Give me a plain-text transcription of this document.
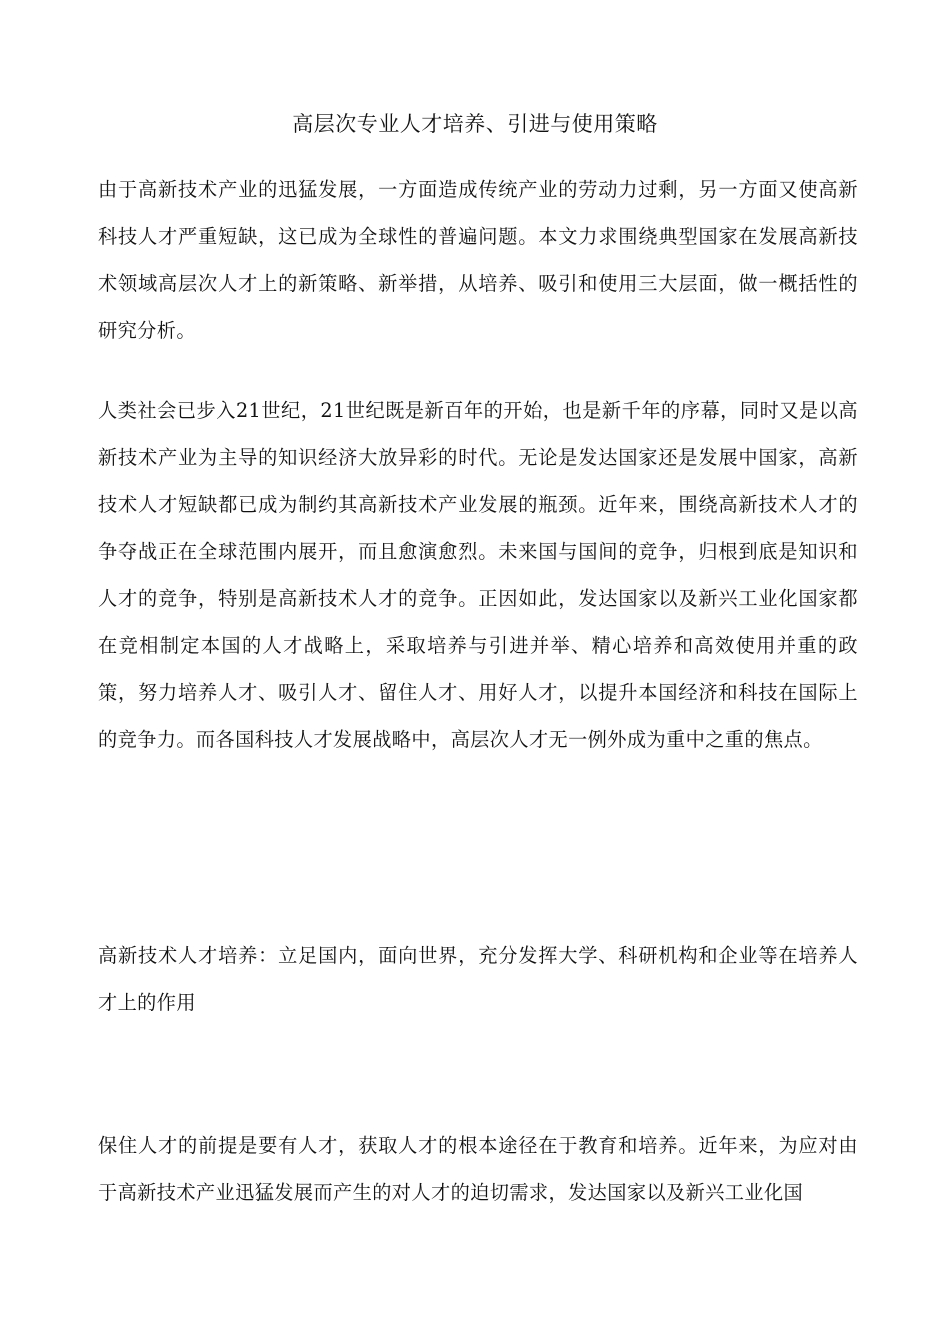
高层次专业人才培养、引进与使用策略

由于高新技术产业的迅猛发展，一方面造成传统产业的劳动力过剩，另一方面又使高新科技人才严重短缺，这已成为全球性的普遍问题。本文力求围绕典型国家在发展高新技术领域高层次人才上的新策略、新举措，从培养、吸引和使用三大层面，做一概括性的研究分析。

人类社会已步入21世纪，21世纪既是新百年的开始，也是新千年的序幕，同时又是以高新技术产业为主导的知识经济大放异彩的时代。无论是发达国家还是发展中国家，高新技术人才短缺都已成为制约其高新技术产业发展的瓶颈。近年来，围绕高新技术人才的争夺战正在全球范围内展开，而且愈演愈烈。未来国与国间的竞争，归根到底是知识和人才的竞争，特别是高新技术人才的竞争。正因如此，发达国家以及新兴工业化国家都在竞相制定本国的人才战略上，采取培养与引进并举、精心培养和高效使用并重的政策，努力培养人才、吸引人才、留住人才、用好人才，以提升本国经济和科技在国际上的竞争力。而各国科技人才发展战略中，高层次人才无一例外成为重中之重的焦点。

高新技术人才培养：立足国内，面向世界，充分发挥大学、科研机构和企业等在培养人才上的作用

保住人才的前提是要有人才，获取人才的根本途径在于教育和培养。近年来，为应对由于高新技术产业迅猛发展而产生的对人才的迫切需求，发达国家以及新兴工业化国
